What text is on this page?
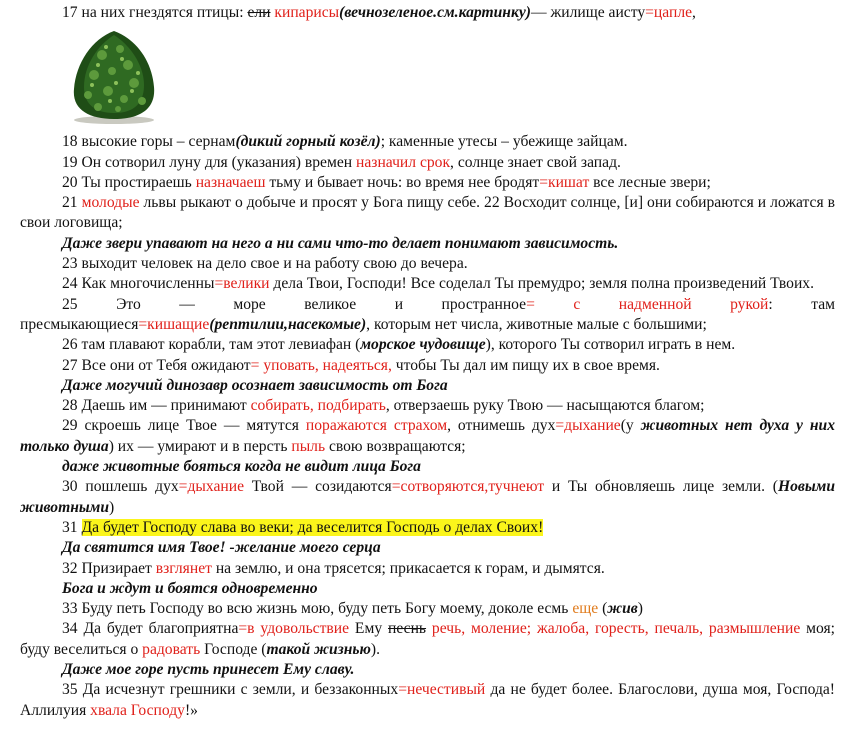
17 на них гнездятся птицы: ели кипарисы(вечнозеленое.см.картинку)— жилище аисту=цапле,

18 высокие горы – сернам(дикий горный козёл); каменные утесы – убежище зайцам.

19 Он сотворил луну для (указания) времен назначил срок, солнце знает свой запад.

20 Ты простираешь назначаеш тьму и бывает ночь: во время нее бродят=кишат все лесные звери;

21 молодые львы рыкают о добыче и просят у Бога пищу себе. 22 Восходит солнце, [и] они собираются и ложатся в свои логовища;

Даже звери упавают на него а ни сами что-то делает понимают зависимость.

23 выходит человек на дело свое и на работу свою до вечера.

24 Как многочисленны=велики дела Твои, Господи! Все соделал Ты премудро; земля полна произведений Твоих.

25 Это — море великое и пространное= с надменной рукой: там пресмыкающиеся=кишащие(рептилии,насекомые), которым нет числа, животные малые с большими;

26 там плавают корабли, там этот левиафан (морское чудовище), которого Ты сотворил играть в нем.

27 Все они от Тебя ожидают= уповать, надеяться, чтобы Ты дал им пищу их в свое время.

Даже могучий динозавр осознает зависимость от Бога

28 Даешь им — принимают собирать, подбирать, отверзаешь руку Твою — насыщаются благом;

29 скроешь лице Твое — мятутся поражаются страхом, отнимешь дух=дыхание(у животных нет духа у них только душа) их — умирают и в персть пыль свою возвращаются;

даже животные бояться когда не видит лица Бога

30 пошлешь дух=дыхание Твой — созидаются=сотворяются,тучнеют и Ты обновляешь лице земли. (Новыми животными)

31 Да будет Господу слава во веки; да веселится Господь о делах Своих!

Да святится имя Твое! -желание моего серца

32 Призирает взглянет на землю, и она трясется; прикасается к горам, и дымятся.

Бога и ждут и боятся одновременно

33 Буду петь Господу во всю жизнь мою, буду петь Богу моему, доколе есмь еще (жив)

34 Да будет благоприятна=в удовольствие Ему песнь речь, моление; жалоба, горесть, печаль, размышление моя; буду веселиться о радовать Господе (такой жизнью).

Даже мое горе пусть принесет Ему славу.

35 Да исчезнут грешники с земли, и беззаконных=нечестивый да не будет более. Благослови, душа моя, Господа! Аллилуия хвала Господу!»
